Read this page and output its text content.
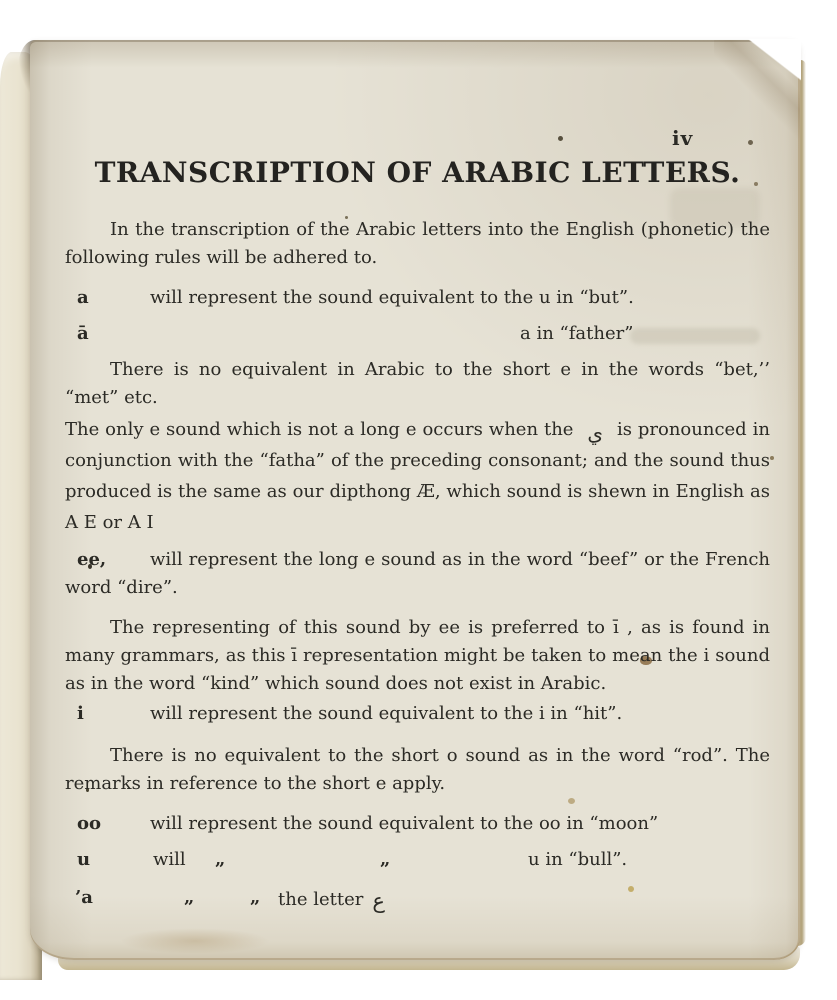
iv
TRANSCRIPTION OF ARABIC LETTERS.

In the transcription of the Arabic letters into the English (phonetic) the following rules will be adhered to.

a	will represent the sound equivalent to the u in “but”.
ā	a in “father”

There is no equivalent in Arabic to the short e in the words “bet,’’ “met” etc.

The only e sound which is not a long e occurs when the ي is pronounced in conjunction with the “fatha” of the preceding consonant; and the sound thus produced is the same as our dipthong Æ, which sound is shewn in English as A E or A I

ee,	will represent the long e sound as in the word “beef” or the French word “dire”.

The representing of this sound by ee is preferred to ī , as is found in many grammars, as this ī representation might be taken to mean the i sound as in the word “kind” which sound does not exist in Arabic.

i	will represent the sound equivalent to the i in “hit”.

There is no equivalent to the short o sound as in the word “rod”. The remarks in reference to the short e apply.

oo	will represent the sound equivalent to the oo in “moon”
u	will „	„	u in “bull”.
’a	„	„ the letter ع
